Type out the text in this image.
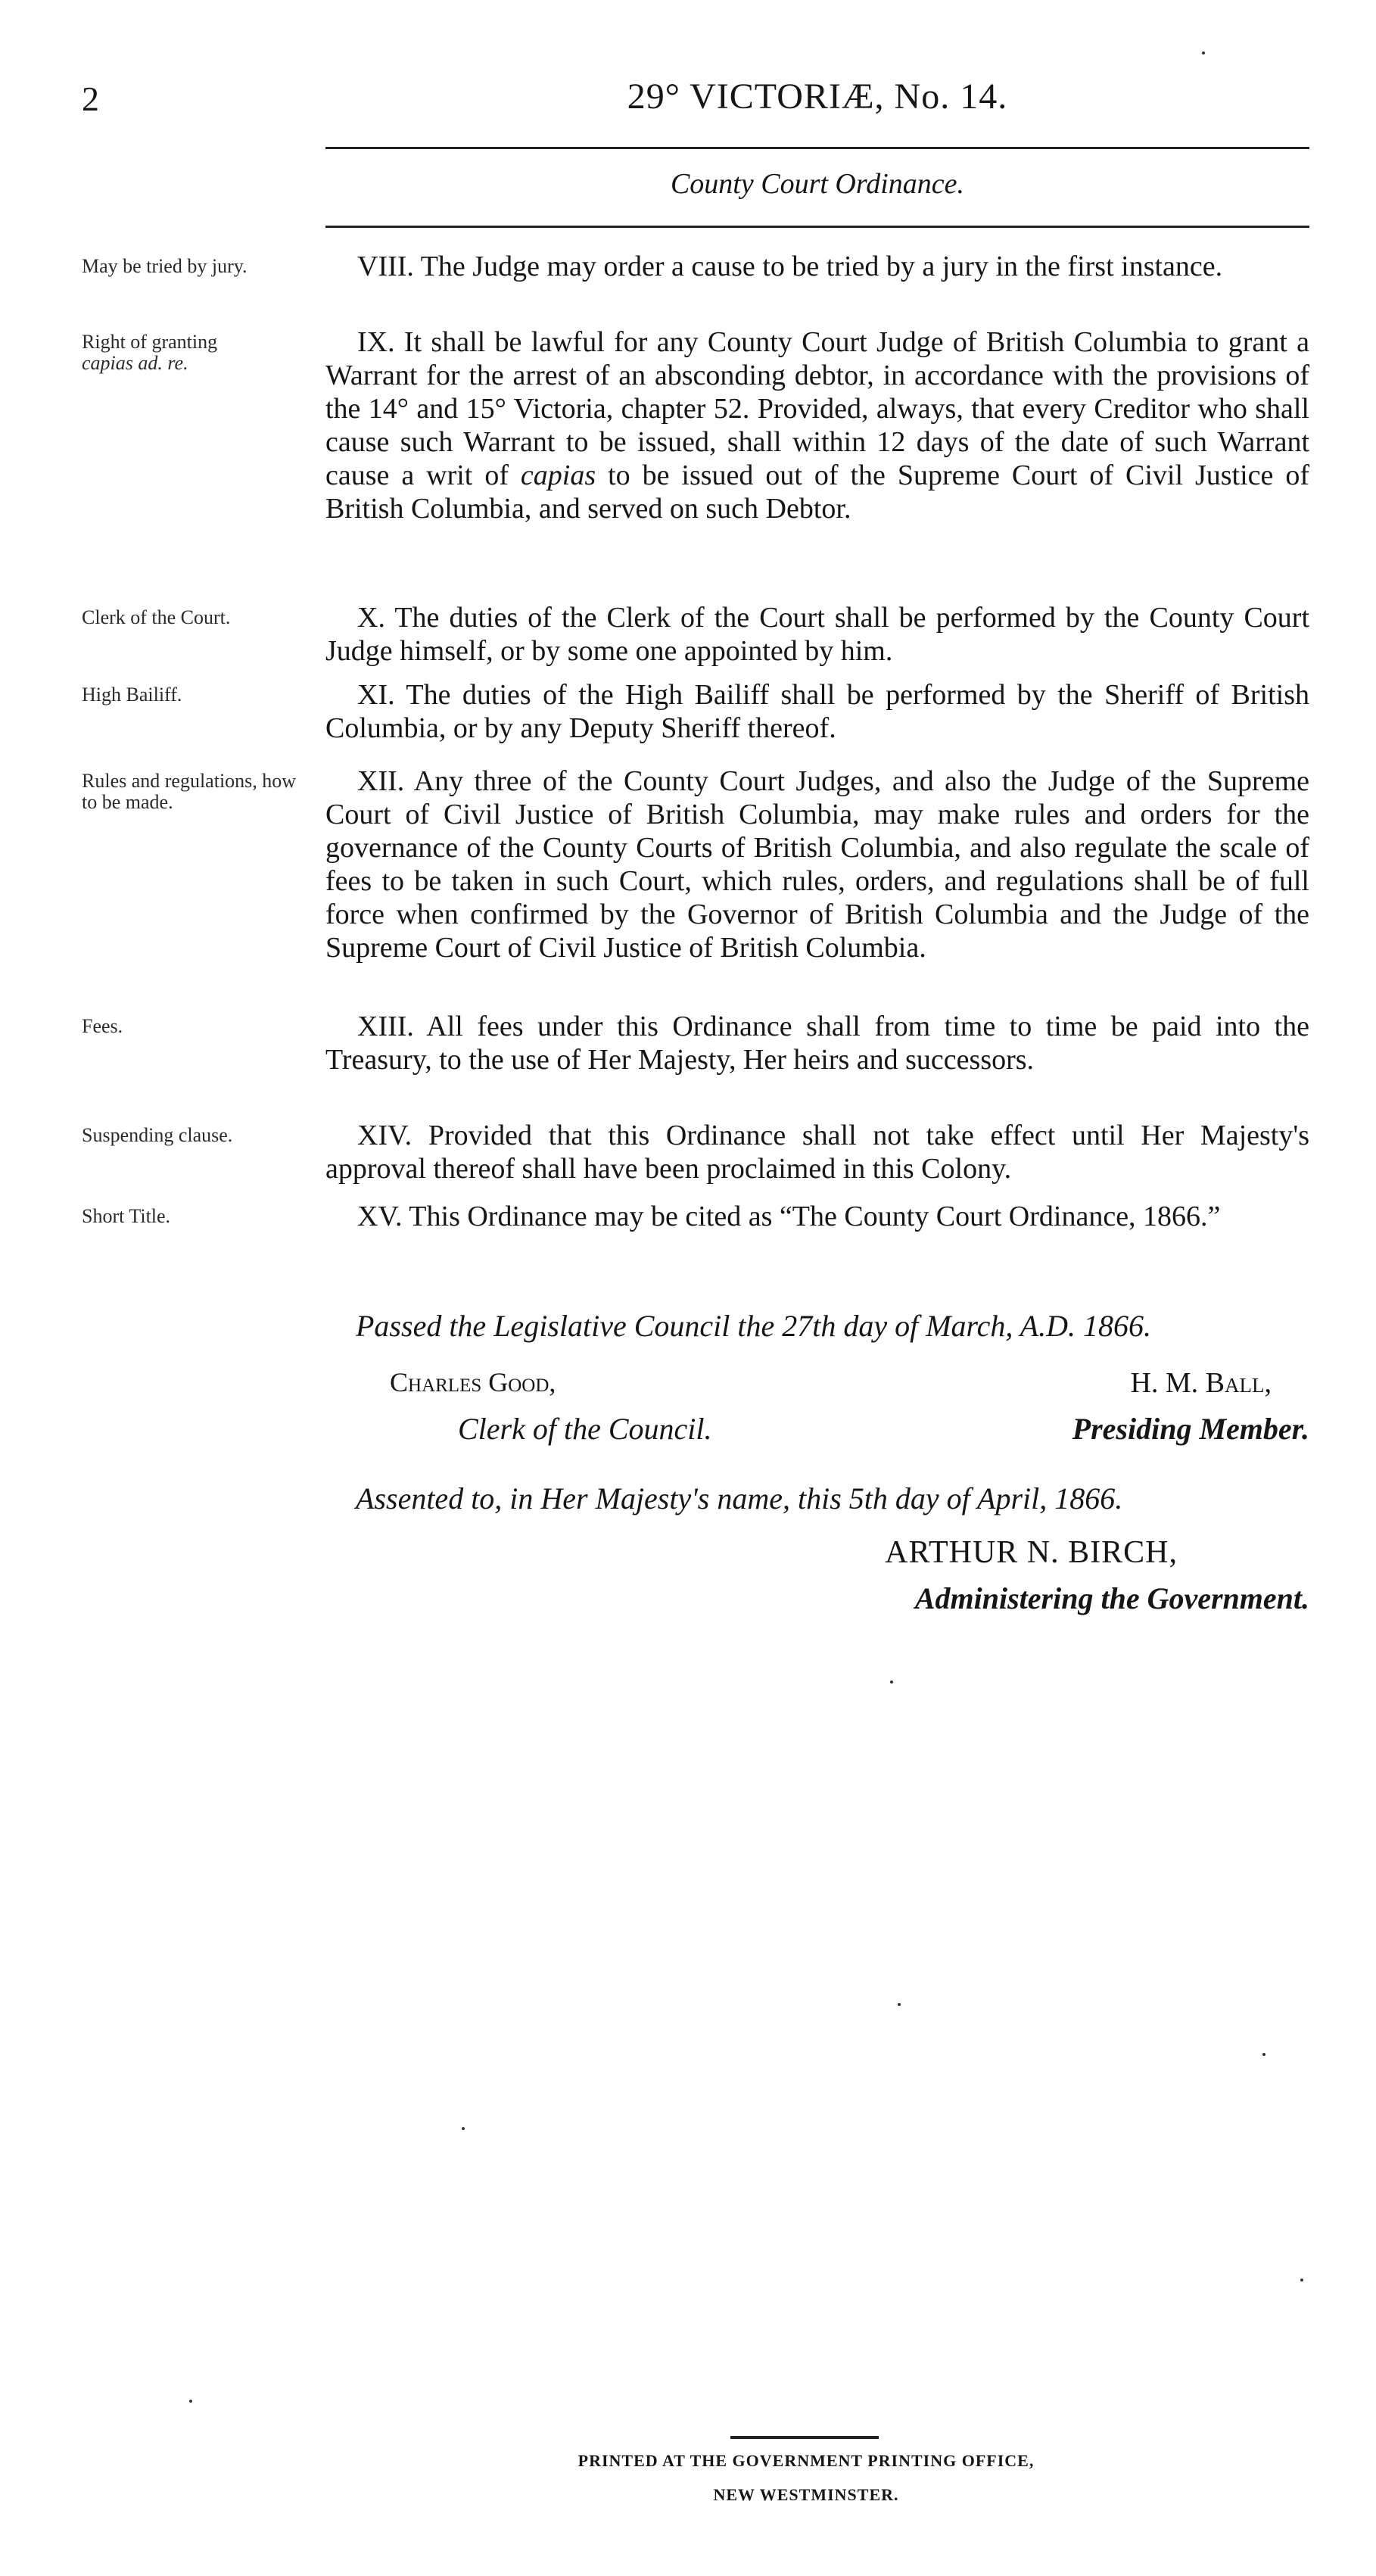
2	29° VICTORIÆ, No. 14.
County Court Ordinance.
May be tried by jury.	VIII. The Judge may order a cause to be tried by a jury in the first instance.

Right of granting
capias ad. re.

IX. It shall be lawful for any County Court Judge of British Columbia to grant a Warrant for the arrest of an absconding debtor, in accordance with the provisions of the 14° and 15° Victoria, chapter 52. Provided, always, that every Creditor who shall cause such Warrant to be issued, shall within 12 days of the date of such Warrant cause a writ of capias to be issued out of the Supreme Court of Civil Justice of British Columbia, and served on such Debtor.

Clerk of the Court.	X. The duties of the Clerk of the Court shall be performed by the County Court Judge himself, or by some one appointed by him.

High Bailiff.	XI. The duties of the High Bailiff shall be performed by the Sheriff of British Columbia, or by any Deputy Sheriff thereof.

Rules and regulations, how to be made.

XII. Any three of the County Court Judges, and also the Judge of the Supreme Court of Civil Justice of British Columbia, may make rules and orders for the governance of the County Courts of British Columbia, and also regulate the scale of fees to be taken in such Court, which rules, orders, and regulations shall be of full force when confirmed by the Governor of British Columbia and the Judge of the Supreme Court of Civil Justice of British Columbia.

Fees.	XIII. All fees under this Ordinance shall from time to time be paid into the Treasury, to the use of Her Majesty, Her heirs and successors.

Suspending clause.	XIV. Provided that this Ordinance shall not take effect until Her Majesty's approval thereof shall have been proclaimed in this Colony.

Short Title.	XV. This Ordinance may be cited as “The County Court Ordinance, 1866.”

Passed the Legislative Council the 27th day of March, A.D. 1866.
Charles Good,
Clerk of the Council.
H. M. Ball,
Presiding Member.
Assented to, in Her Majesty's name, this 5th day of April, 1866.
ARTHUR N. BIRCH,
Administering the Government.
PRINTED AT THE GOVERNMENT PRINTING OFFICE,
NEW WESTMINSTER.
